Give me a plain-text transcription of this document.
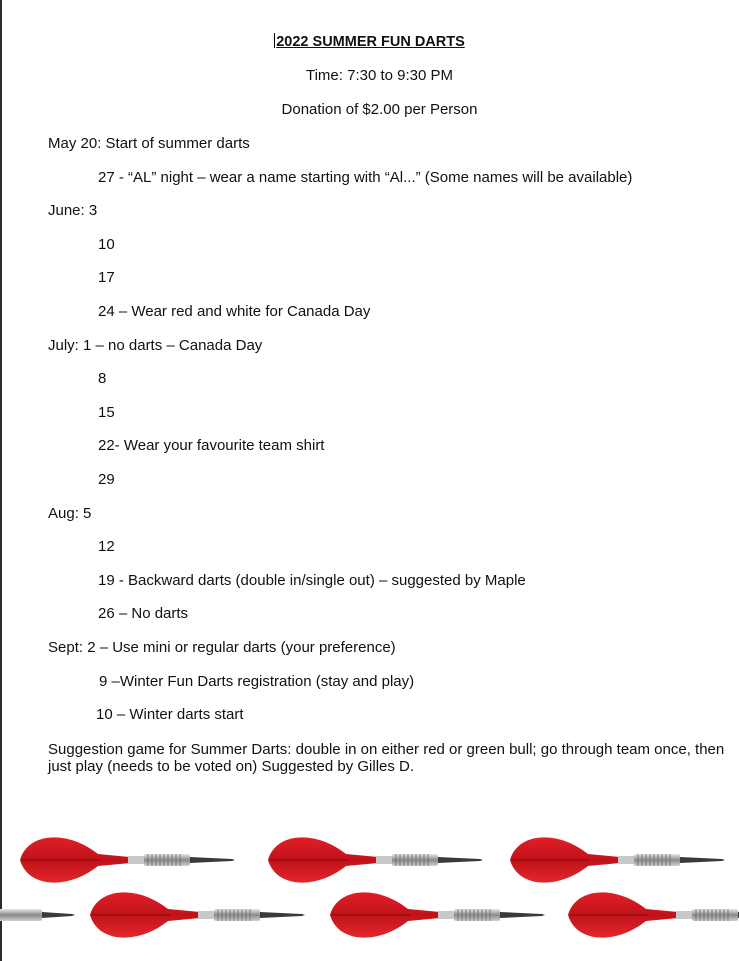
2022 SUMMER FUN DARTS
Time: 7:30 to 9:30 PM
Donation of $2.00 per Person
May 20: Start of summer darts
27 - “AL” night – wear a name starting with “Al...” (Some names will be available)
June: 3
10
17
24 – Wear red and white for Canada Day
July: 1 – no darts – Canada Day
8
15
22- Wear your favourite team shirt
29
Aug: 5
12
19 - Backward darts (double in/single out) – suggested by Maple
26 – No darts
Sept: 2 – Use mini or regular darts (your preference)
9 –Winter Fun Darts registration (stay and play)
10 – Winter darts start
Suggestion game for Summer Darts: double in on either red or green bull; go through team once, then just play (needs to be voted on) Suggested by Gilles D.
